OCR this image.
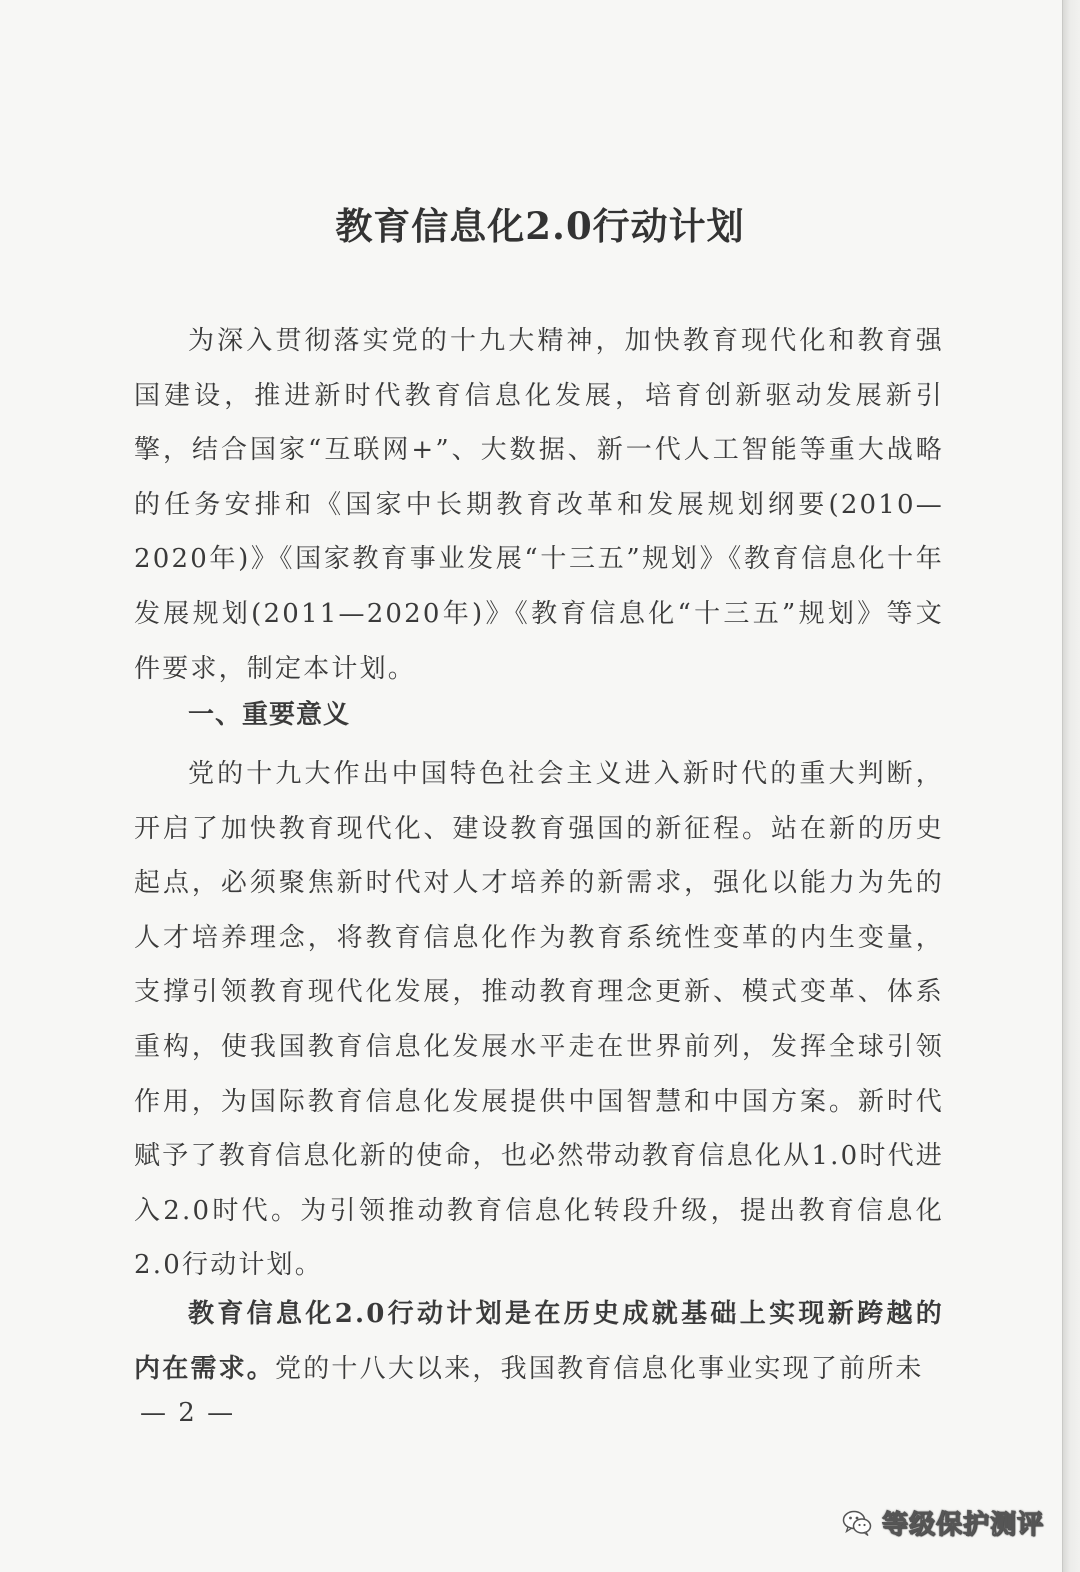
教育信息化2.0行动计划

为深入贯彻落实党的十九大精神，加快教育现代化和教育强国建设，推进新时代教育信息化发展，培育创新驱动发展新引擎，结合国家“互联网+”、大数据、新一代人工智能等重大战略的任务安排和《国家中长期教育改革和发展规划纲要(2010—2020年)》《国家教育事业发展“十三五”规划》《教育信息化十年发展规划(2011—2020年)》《教育信息化“十三五”规划》等文件要求，制定本计划。

一、重要意义

党的十九大作出中国特色社会主义进入新时代的重大判断，开启了加快教育现代化、建设教育强国的新征程。站在新的历史起点，必须聚焦新时代对人才培养的新需求，强化以能力为先的人才培养理念，将教育信息化作为教育系统性变革的内生变量，支撑引领教育现代化发展，推动教育理念更新、模式变革、体系重构，使我国教育信息化发展水平走在世界前列，发挥全球引领作用，为国际教育信息化发展提供中国智慧和中国方案。新时代赋予了教育信息化新的使命，也必然带动教育信息化从1.0时代进入2.0时代。为引领推动教育信息化转段升级，提出教育信息化2.0行动计划。

教育信息化2.0行动计划是在历史成就基础上实现新跨越的内在需求。党的十八大以来，我国教育信息化事业实现了前所未

— 2 —
等级保护测评
